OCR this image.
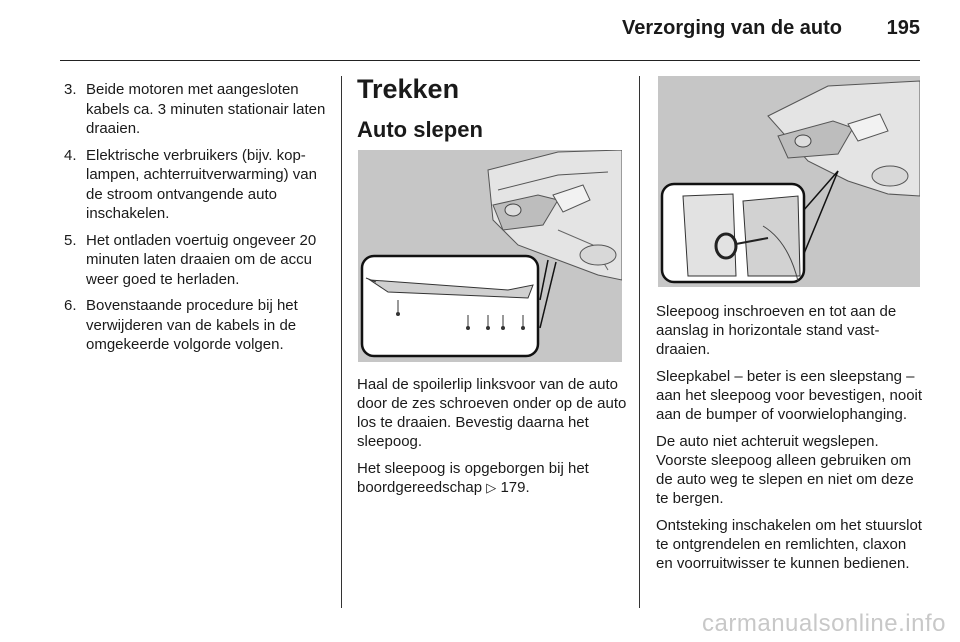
Verzorging van de auto 195
3. Beide motoren met aangesloten kabels ca. 3 minuten stationair laten draaien.
4. Elektrische verbruikers (bijv. koplampen, achterruitverwarming) van de stroom ontvangende auto inschakelen.
5. Het ontladen voertuig ongeveer 20 minuten laten draaien om de accu weer goed te herladen.
6. Bovenstaande procedure bij het verwijderen van de kabels in de omgekeerde volgorde volgen.
Trekken
Auto slepen

Haal de spoilerlip linksvoor van de auto door de zes schroeven onder op de auto los te draaien. Bevestig daarna het sleepoog.

Het sleepoog is opgeborgen bij het boordgereedschap ▷ 179.

Sleepoog inschroeven en tot aan de aanslag in horizontale stand vastdraaien.

Sleepkabel – beter is een sleepstang – aan het sleepoog voor bevestigen, nooit aan de bumper of voorwielophanging.

De auto niet achteruit wegslepen. Voorste sleepoog alleen gebruiken om de auto weg te slepen en niet om deze te bergen.

Ontsteking inschakelen om het stuurslot te ontgrendelen en remlichten, claxon en voorruitwisser te kunnen bedienen.

carmanualsonline.info
